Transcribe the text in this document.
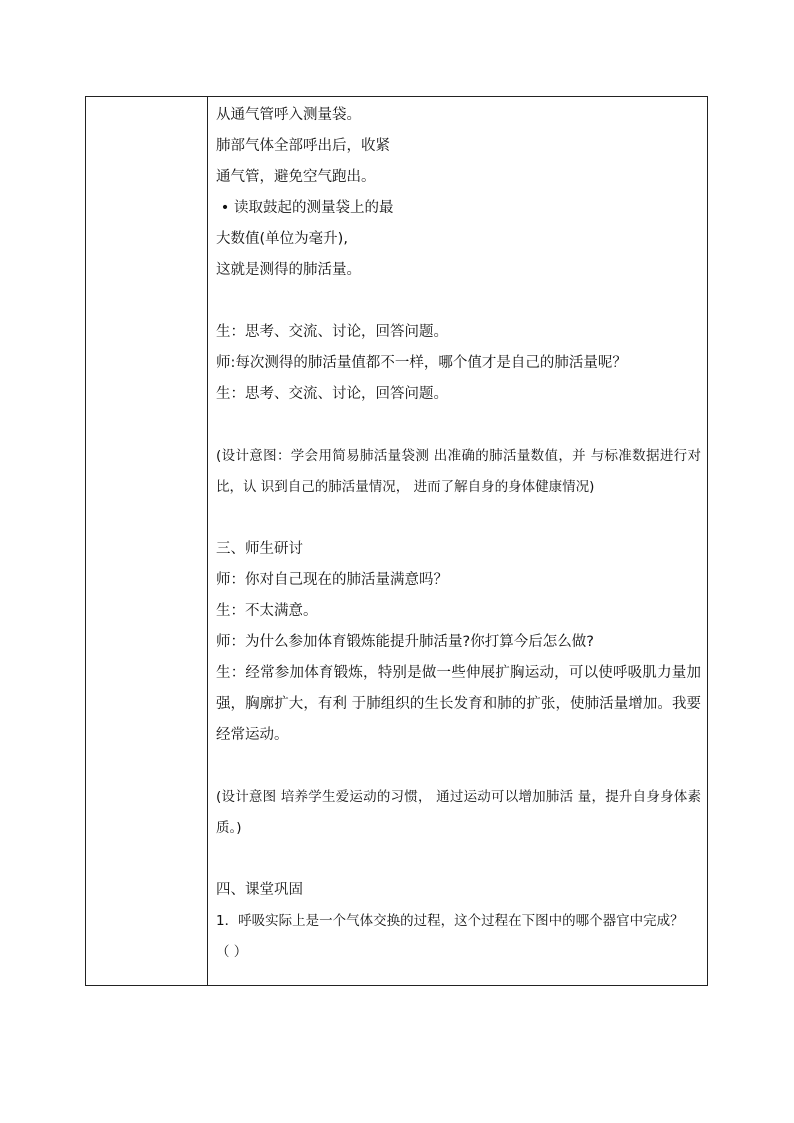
从通气管呼入测量袋。
肺部气体全部呼出后，收紧
通气管，避免空气跑出。
• 读取鼓起的测量袋上的最
大数值(单位为毫升),
这就是测得的肺活量。
生：思考、交流、讨论，回答问题。
师:每次测得的肺活量值都不一样，哪个值才是自己的肺活量呢？
生：思考、交流、讨论，回答问题。
(设计意图：学会用简易肺活量袋测 出准确的肺活量数值，并 与标准数据进行对比，认 识到自己的肺活量情况， 进而了解自身的身体健康情况)
三、师生研讨
师：你对自己现在的肺活量满意吗？
生：不太满意。
师：为什么参加体育锻炼能提升肺活量?你打算今后怎么做?
生：经常参加体育锻炼，特别是做一些伸展扩胸运动，可以使呼吸肌力量加强，胸廓扩大，有利 于肺组织的生长发育和肺的扩张，使肺活量增加。我要经常运动。
(设计意图 培养学生爱运动的习惯， 通过运动可以增加肺活 量，提升自身身体素质。)
四、课堂巩固
1．呼吸实际上是一个气体交换的过程，这个过程在下图中的哪个器官中完成？
（ ）
